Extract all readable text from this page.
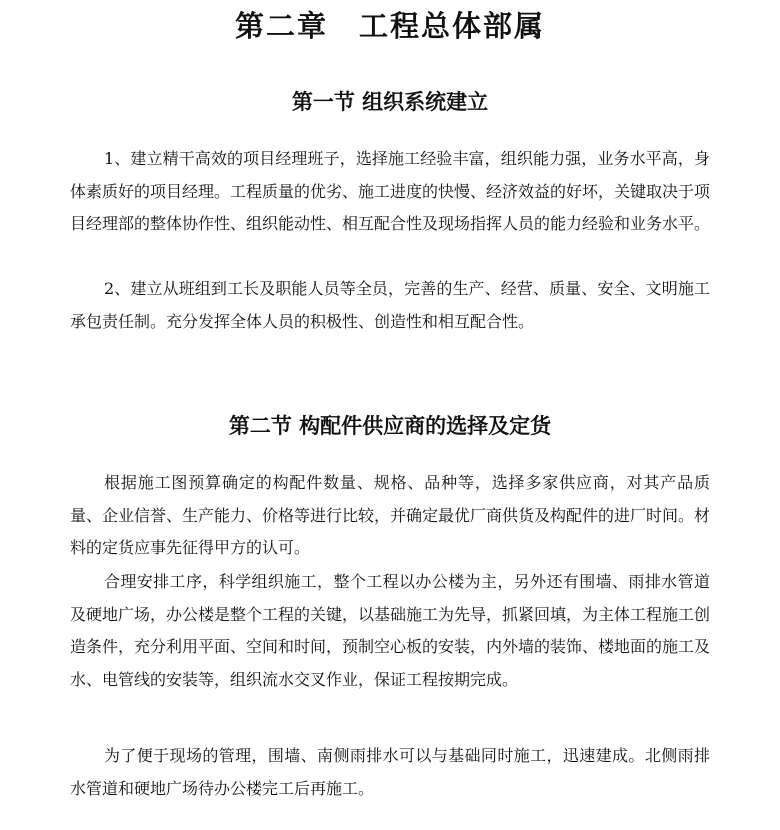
第二章　工程总体部属
第一节 组织系统建立

1、建立精干高效的项目经理班子，选择施工经验丰富，组织能力强，业务水平高，身体素质好的项目经理。工程质量的优劣、施工进度的快慢、经济效益的好坏，关键取决于项目经理部的整体协作性、组织能动性、相互配合性及现场指挥人员的能力经验和业务水平。

2、建立从班组到工长及职能人员等全员，完善的生产、经营、质量、安全、文明施工承包责任制。充分发挥全体人员的积极性、创造性和相互配合性。

第二节 构配件供应商的选择及定货

根据施工图预算确定的构配件数量、规格、品种等，选择多家供应商，对其产品质量、企业信誉、生产能力、价格等进行比较，并确定最优厂商供货及构配件的进厂时间。材料的定货应事先征得甲方的认可。

合理安排工序，科学组织施工，整个工程以办公楼为主，另外还有围墙、雨排水管道及硬地广场，办公楼是整个工程的关键，以基础施工为先导，抓紧回填，为主体工程施工创造条件，充分利用平面、空间和时间，预制空心板的安装，内外墙的装饰、楼地面的施工及水、电管线的安装等，组织流水交叉作业，保证工程按期完成。

为了便于现场的管理，围墙、南侧雨排水可以与基础同时施工，迅速建成。北侧雨排水管道和硬地广场待办公楼完工后再施工。
